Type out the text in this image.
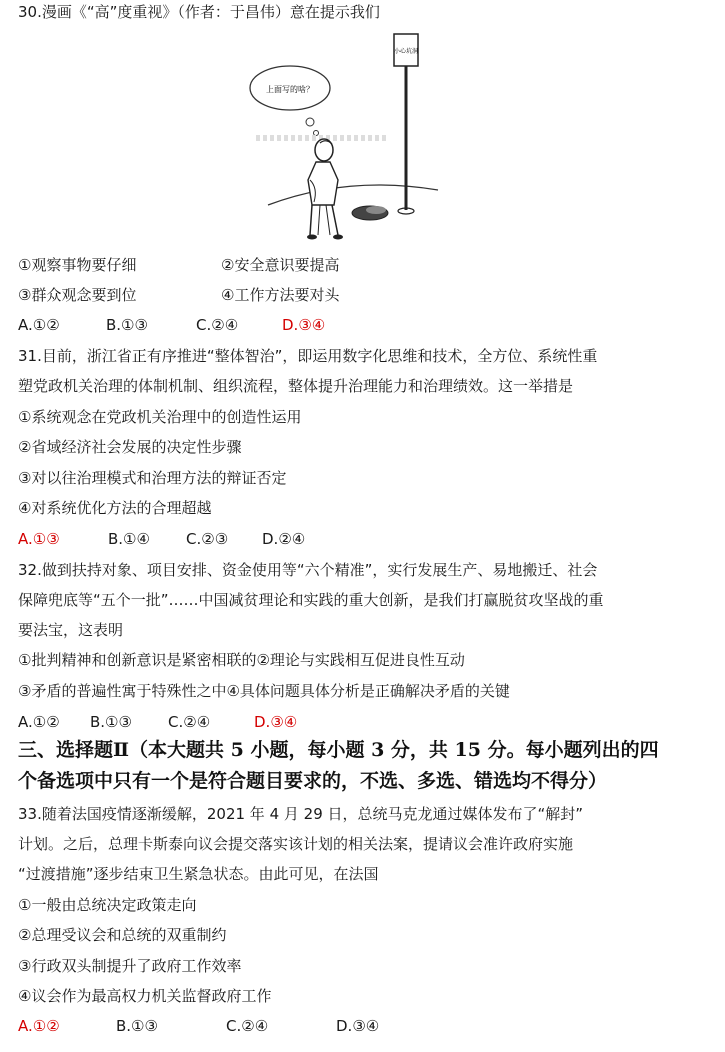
30.漫画《“高”度重视》（作者：于昌伟）意在提示我们
小心坑洞
上面写的啥？
①观察事物要仔细	②安全意识要提高
③群众观念要到位	④工作方法要对头
A.①②	B.①③	C.②④	D.③④
31.目前，浙江省正有序推进“整体智治”，即运用数字化思维和技术，全方位、系统性重
塑党政机关治理的体制机制、组织流程，整体提升治理能力和治理绩效。这一举措是
①系统观念在党政机关治理中的创造性运用
②省域经济社会发展的决定性步骤
③对以往治理模式和治理方法的辩证否定
④对系统优化方法的合理超越
A.①③	B.①④ C.②③ D.②④
32.做到扶持对象、项目安排、资金使用等“六个精准”，实行发展生产、易地搬迁、社会
保障兜底等“五个一批”……中国减贫理论和实践的重大创新，是我们打赢脱贫攻坚战的重
要法宝，这表明
①批判精神和创新意识是紧密相联的②理论与实践相互促进良性互动
③矛盾的普遍性寓于特殊性之中④具体问题具体分析是正确解决矛盾的关键
A.①② B.①③ C.②④	D.③④
三、选择题Ⅱ（本大题共 5 小题，每小题 3 分，共 15 分。每小题列出的四
个备选项中只有一个是符合题目要求的，不选、多选、错选均不得分）
33.随着法国疫情逐渐缓解，2021 年 4 月 29 日，总统马克龙通过媒体发布了“解封”
计划。之后，总理卡斯泰向议会提交落实该计划的相关法案，提请议会准许政府实施
“过渡措施”逐步结束卫生紧急状态。由此可见，在法国
①一般由总统决定政策走向
②总理受议会和总统的双重制约
③行政双头制提升了政府工作效率
④议会作为最高权力机关监督政府工作
A.①②	B.①③	C.②④	D.③④
